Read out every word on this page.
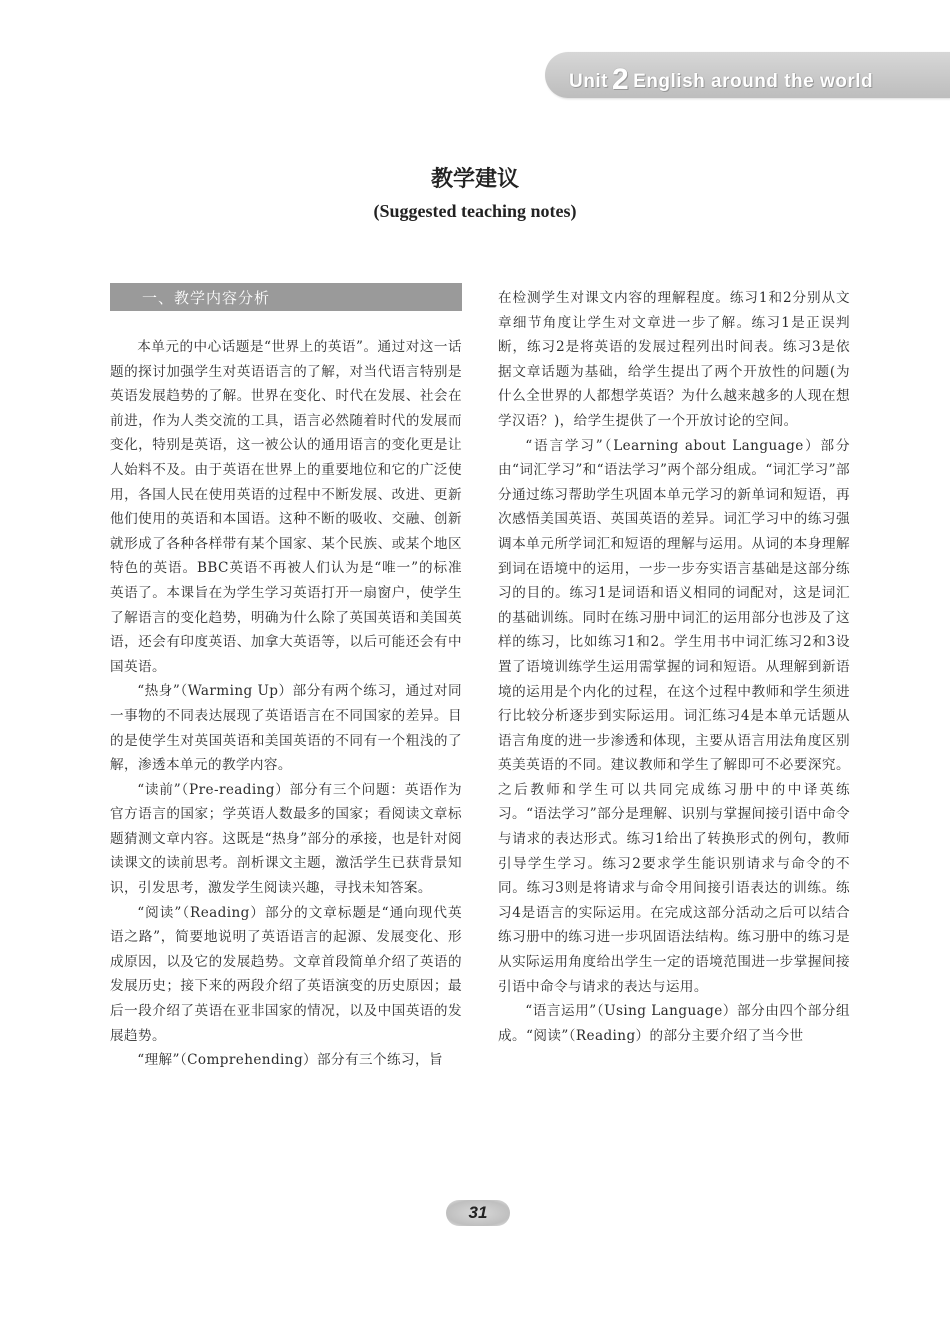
Unit 2 English around the world
教学建议
(Suggested teaching notes)
一、教学内容分析

本单元的中心话题是“世界上的英语”。通过对这一话题的探讨加强学生对英语语言的了解，对当代语言特别是英语发展趋势的了解。世界在变化、时代在发展、社会在前进，作为人类交流的工具，语言必然随着时代的发展而变化，特别是英语，这一被公认的通用语言的变化更是让人始料不及。由于英语在世界上的重要地位和它的广泛使用，各国人民在使用英语的过程中不断发展、改进、更新他们使用的英语和本国语。这种不断的吸收、交融、创新就形成了各种各样带有某个国家、某个民族、或某个地区特色的英语。BBC英语不再被人们认为是“唯一”的标准英语了。本课旨在为学生学习英语打开一扇窗户，使学生了解语言的变化趋势，明确为什么除了英国英语和美国英语，还会有印度英语、加拿大英语等，以后可能还会有中国英语。

“热身”（Warming Up）部分有两个练习，通过对同一事物的不同表达展现了英语语言在不同国家的差异。目的是使学生对英国英语和美国英语的不同有一个粗浅的了解，渗透本单元的教学内容。

“读前”（Pre-reading）部分有三个问题：英语作为官方语言的国家；学英语人数最多的国家；看阅读文章标题猜测文章内容。这既是“热身”部分的承接，也是针对阅读课文的读前思考。剖析课文主题，激活学生已获背景知识，引发思考，激发学生阅读兴趣，寻找未知答案。

“阅读”（Reading）部分的文章标题是“通向现代英语之路”，简要地说明了英语语言的起源、发展变化、形成原因，以及它的发展趋势。文章首段简单介绍了英语的发展历史；接下来的两段介绍了英语演变的历史原因；最后一段介绍了英语在亚非国家的情况，以及中国英语的发展趋势。

“理解”（Comprehending）部分有三个练习，旨

在检测学生对课文内容的理解程度。练习1和2分别从文章细节角度让学生对文章进一步了解。练习1是正误判断，练习2是将英语的发展过程列出时间表。练习3是依据文章话题为基础，给学生提出了两个开放性的问题(为什么全世界的人都想学英语？为什么越来越多的人现在想学汉语？)，给学生提供了一个开放讨论的空间。

“语言学习”（Learning about Language）部分由“词汇学习”和“语法学习”两个部分组成。“词汇学习”部分通过练习帮助学生巩固本单元学习的新单词和短语，再次感悟美国英语、英国英语的差异。词汇学习中的练习强调本单元所学词汇和短语的理解与运用。从词的本身理解到词在语境中的运用，一步一步夯实语言基础是这部分练习的目的。练习1是词语和语义相同的词配对，这是词汇的基础训练。同时在练习册中词汇的运用部分也涉及了这样的练习，比如练习1和2。学生用书中词汇练习2和3设置了语境训练学生运用需掌握的词和短语。从理解到新语境的运用是个内化的过程，在这个过程中教师和学生须进行比较分析逐步到实际运用。词汇练习4是本单元话题从语言角度的进一步渗透和体现，主要从语言用法角度区别英美英语的不同。建议教师和学生了解即可不必要深究。之后教师和学生可以共同完成练习册中的中译英练习。“语法学习”部分是理解、识别与掌握间接引语中命令与请求的表达形式。练习1给出了转换形式的例句，教师引导学生学习。练习2要求学生能识别请求与命令的不同。练习3则是将请求与命令用间接引语表达的训练。练习4是语言的实际运用。在完成这部分活动之后可以结合练习册中的练习进一步巩固语法结构。练习册中的练习是从实际运用角度给出学生一定的语境范围进一步掌握间接引语中命令与请求的表达与运用。

“语言运用”（Using Language）部分由四个部分组成。“阅读”（Reading）的部分主要介绍了当今世

31
